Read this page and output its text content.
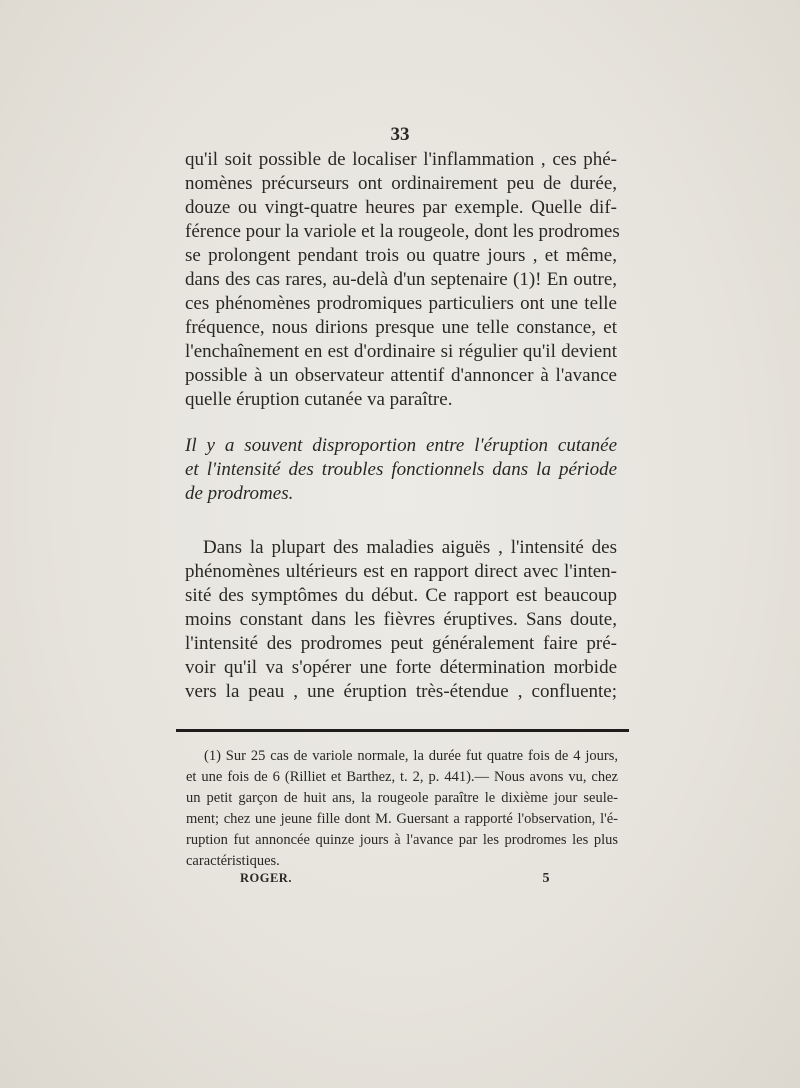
33
qu'il soit possible de localiser l'inflammation , ces phé-
nomènes précurseurs ont ordinairement peu de durée,
douze ou vingt-quatre heures par exemple. Quelle dif-
férence pour la variole et la rougeole, dont les prodromes
se prolongent pendant trois ou quatre jours , et même,
dans des cas rares, au-delà d'un septenaire (1)! En outre,
ces phénomènes prodromiques particuliers ont une telle
fréquence, nous dirions presque une telle constance, et
l'enchaînement en est d'ordinaire si régulier qu'il devient
possible à un observateur attentif d'annoncer à l'avance
quelle éruption cutanée va paraître.
Il y a souvent disproportion entre l'éruption cutanée
et l'intensité des troubles fonctionnels dans la période
de prodromes.
Dans la plupart des maladies aiguës , l'intensité des
phénomènes ultérieurs est en rapport direct avec l'inten-
sité des symptômes du début. Ce rapport est beaucoup
moins constant dans les fièvres éruptives. Sans doute,
l'intensité des prodromes peut généralement faire pré-
voir qu'il va s'opérer une forte détermination morbide
vers la peau , une éruption très-étendue , confluente;
(1) Sur 25 cas de variole normale, la durée fut quatre fois de 4 jours,
et une fois de 6 (Rilliet et Barthez, t. 2, p. 441).— Nous avons vu, chez
un petit garçon de huit ans, la rougeole paraître le dixième jour seule-
ment; chez une jeune fille dont M. Guersant a rapporté l'observation, l'é-
ruption fut annoncée quinze jours à l'avance par les prodromes les plus
caractéristiques.
ROGER.	5
